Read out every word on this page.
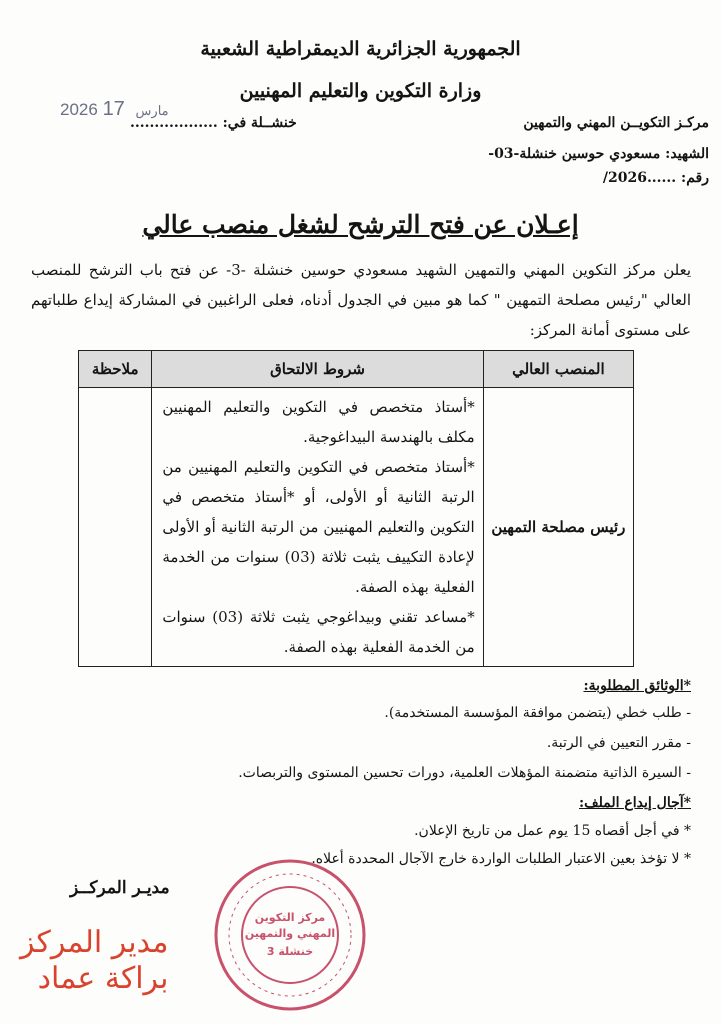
الجمهورية الجزائرية الديمقراطية الشعبية
وزارة التكوين والتعليم المهنيين
2026	مارس 17
خنشــلة في: ..................	مركـز التكويــن المهني والتمهين
الشهيد: مسعودي حوسين خنشلة-03-
رقم: ......2026/
إعـلان عن فتح الترشح لشغل منصب عالي
يعلن مركز التكوين المهني والتمهين الشهيد مسعودي حوسين خنشلة -3- عن فتح باب الترشح للمنصب العالي "رئيس مصلحة التمهين " كما هو مبين في الجدول أدناه، فعلى الراغبين في المشاركة إيداع طلباتهم على مستوى أمانة المركز:
المنصب العالي	شروط الالتحاق	ملاحظة
رئيس مصلحة التمهين	*أستاذ متخصص في التكوين والتعليم المهنيين مكلف بالهندسة البيداغوجية.
*أستاذ متخصص في التكوين والتعليم المهنيين من الرتبة الثانية أو الأولى، أو *أستاذ متخصص في التكوين والتعليم المهنيين من الرتبة الثانية أو الأولى لإعادة التكييف يثبت ثلاثة (03) سنوات من الخدمة الفعلية بهذه الصفة.
*مساعد تقني وبيداغوجي يثبت ثلاثة (03) سنوات من الخدمة الفعلية بهذه الصفة.	

*الوثائق المطلوبة:
- طلب خطي (يتضمن موافقة المؤسسة المستخدمة).
- مقرر التعيين في الرتبة.
- السيرة الذاتية متضمنة المؤهلات العلمية، دورات تحسين المستوى والتربصات.
*آجال إيداع الملف:
* في أجل أقصاه 15 يوم عمل من تاريخ الإعلان.
* لا تؤخذ بعين الاعتبار الطلبات الواردة خارج الآجال المحددة أعلاه.
مديـر المركــز
مركز التكوين
المهني والتمهين
خنشلة 3
مدير المركز
براكة عماد
